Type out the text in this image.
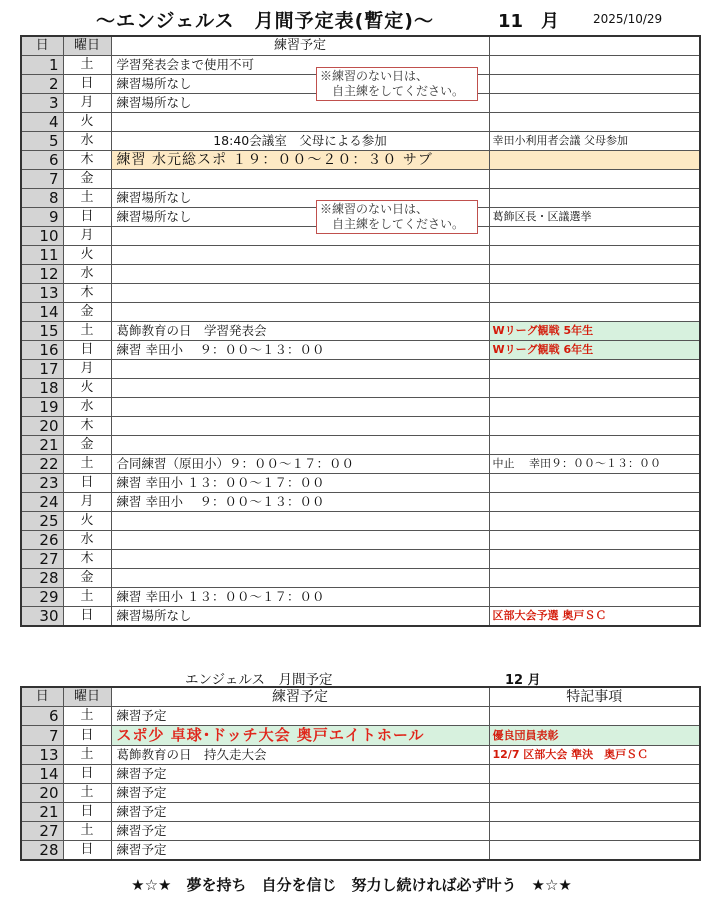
～エンジェルス　月間予定表(暫定)～	11　月	2025/10/29
日	曜日	練習予定	
1	土	学習発表会まで使用不可	
2	日	練習場所なし	
3	月	練習場所なし	
4	火		
5	水	18:40会議室　父母による参加	幸田小利用者会議 父母参加
6	木	練習 水元総スポ １９：００～２０：３０ サブ	
7	金		
8	土	練習場所なし	
9	日	練習場所なし	葛飾区長・区議選挙
10	月		
11	火		
12	水		
13	木		
14	金		
15	土	葛飾教育の日　学習発表会	Wリーグ観戦 5年生
16	日	練習 幸田小　 ９：００～１３：００	Wリーグ観戦 6年生
17	月		
18	火		
19	水		
20	木		
21	金		
22	土	合同練習（原田小）９：００～１７：００	中止　 幸田９：００～１３：００
23	日	練習 幸田小 １３：００～１７：００	
24	月	練習 幸田小　 ９：００～１３：００	
25	火		
26	水		
27	木		
28	金		
29	土	練習 幸田小 １３：００～１７：００	
30	日	練習場所なし	区部大会予選 奥戸ＳＣ
※練習のない日は、
　自主練をしてください。
※練習のない日は、
　自主練をしてください。
エンジェルス　月間予定	12 月
日	曜日	練習予定	特記事項
6	土	練習予定	
7	日	スポ少 卓球･ドッチ大会 奥戸エイトホール	優良団員表彰
13	土	葛飾教育の日　持久走大会	12/7 区部大会 準決　奥戸ＳＣ
14	日	練習予定	
20	土	練習予定	
21	日	練習予定	
27	土	練習予定	
28	日	練習予定	
★☆★　夢を持ち　自分を信じ　努力し続ければ必ず叶う　★☆★
